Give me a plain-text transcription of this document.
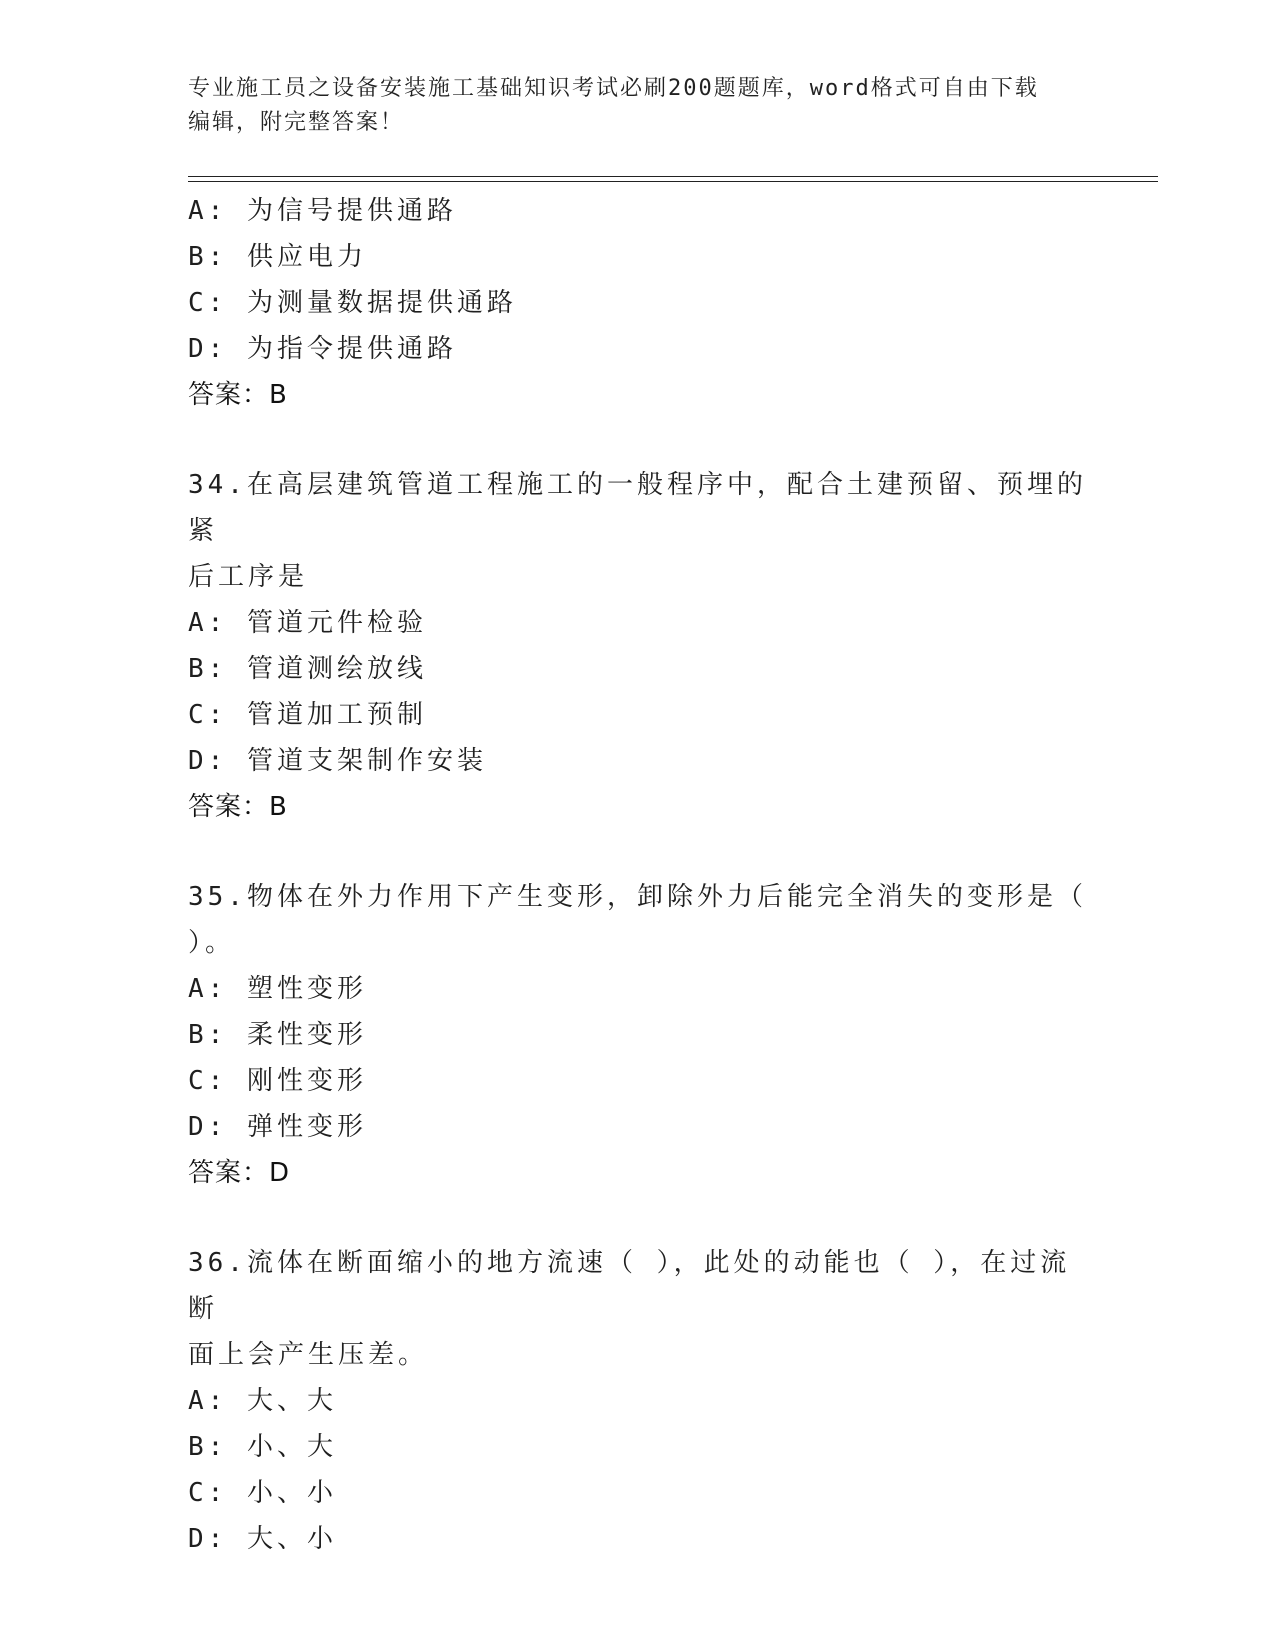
专业施工员之设备安装施工基础知识考试必刷200题题库，word格式可自由下载
编辑，附完整答案！
A: 为信号提供通路
B: 供应电力
C: 为测量数据提供通路
D: 为指令提供通路
答案：B
34.在高层建筑管道工程施工的一般程序中，配合土建预留、预埋的紧
后工序是
A: 管道元件检验
B: 管道测绘放线
C: 管道加工预制
D: 管道支架制作安装
答案：B
35.物体在外力作用下产生变形，卸除外力后能完全消失的变形是（
）。
A: 塑性变形
B: 柔性变形
C: 刚性变形
D: 弹性变形
答案：D
36.流体在断面缩小的地方流速（ ），此处的动能也（ ），在过流断
面上会产生压差。
A: 大、大
B: 小、大
C: 小、小
D: 大、小
